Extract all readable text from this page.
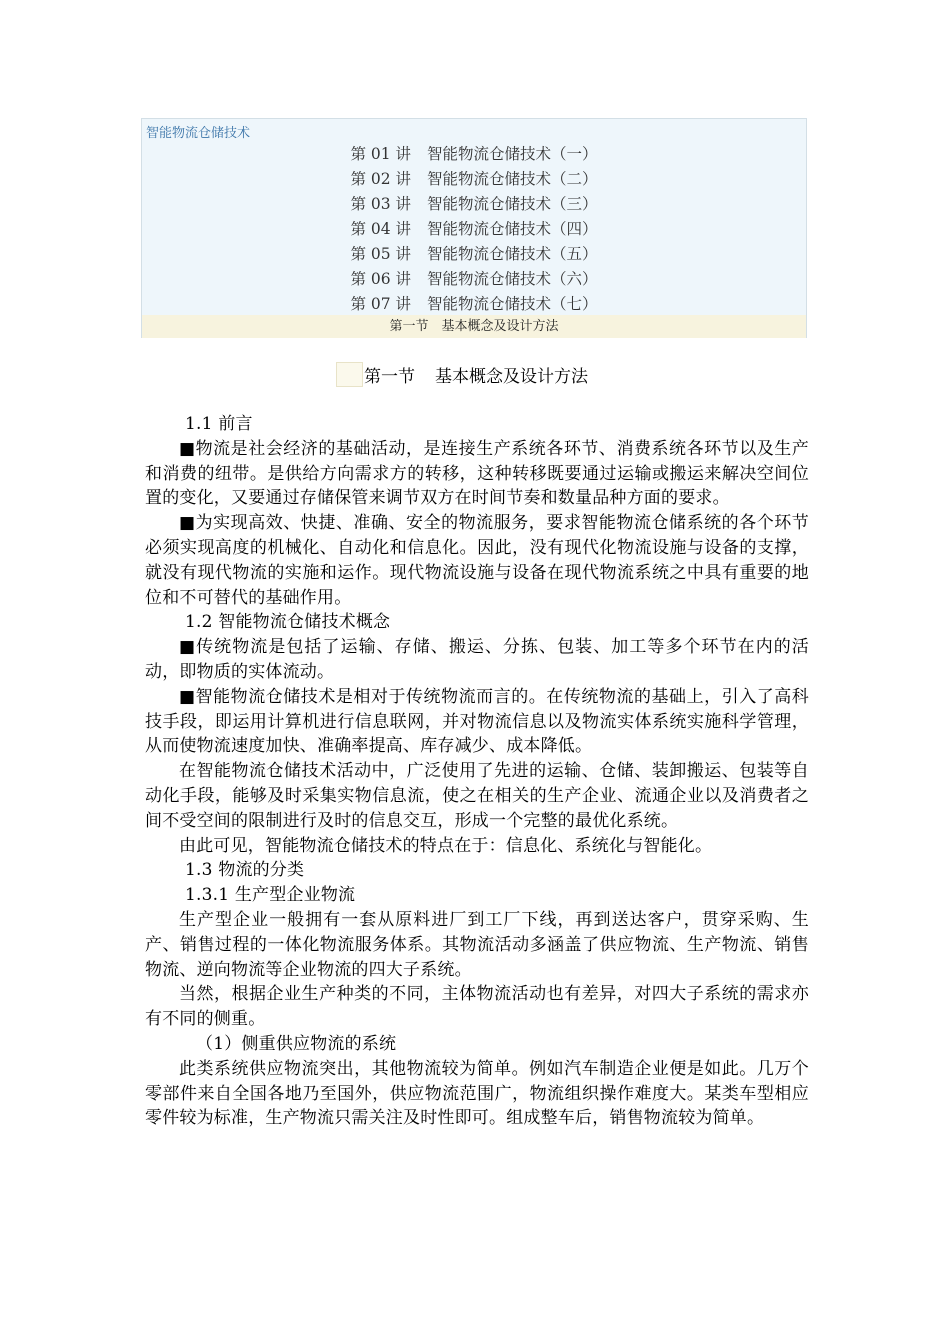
智能物流仓储技术
第 01 讲 智能物流仓储技术（一）
第 02 讲 智能物流仓储技术（二）
第 03 讲 智能物流仓储技术（三）
第 04 讲 智能物流仓储技术（四）
第 05 讲 智能物流仓储技术（五）
第 06 讲 智能物流仓储技术（六）
第 07 讲 智能物流仓储技术（七）
第一节　基本概念及设计方法
第一节 基本概念及设计方法

1.1 前言

■物流是社会经济的基础活动，是连接生产系统各环节、消费系统各环节以及生产和消费的纽带。是供给方向需求方的转移，这种转移既要通过运输或搬运来解决空间位置的变化，又要通过存储保管来调节双方在时间节奏和数量品种方面的要求。

■为实现高效、快捷、准确、安全的物流服务，要求智能物流仓储系统的各个环节必须实现高度的机械化、自动化和信息化。因此，没有现代化物流设施与设备的支撑，就没有现代物流的实施和运作。现代物流设施与设备在现代物流系统之中具有重要的地位和不可替代的基础作用。

1.2 智能物流仓储技术概念

■传统物流是包括了运输、存储、搬运、分拣、包装、加工等多个环节在内的活动，即物质的实体流动。

■智能物流仓储技术是相对于传统物流而言的。在传统物流的基础上，引入了高科技手段，即运用计算机进行信息联网，并对物流信息以及物流实体系统实施科学管理，从而使物流速度加快、准确率提高、库存减少、成本降低。

在智能物流仓储技术活动中，广泛使用了先进的运输、仓储、装卸搬运、包装等自动化手段，能够及时采集实物信息流，使之在相关的生产企业、流通企业以及消费者之间不受空间的限制进行及时的信息交互，形成一个完整的最优化系统。

由此可见，智能物流仓储技术的特点在于：信息化、系统化与智能化。

1.3 物流的分类

1.3.1 生产型企业物流

生产型企业一般拥有一套从原料进厂到工厂下线，再到送达客户，贯穿采购、生产、销售过程的一体化物流服务体系。其物流活动多涵盖了供应物流、生产物流、销售物流、逆向物流等企业物流的四大子系统。

当然，根据企业生产种类的不同，主体物流活动也有差异，对四大子系统的需求亦有不同的侧重。

（1）侧重供应物流的系统

此类系统供应物流突出，其他物流较为简单。例如汽车制造企业便是如此。几万个零部件来自全国各地乃至国外，供应物流范围广，物流组织操作难度大。某类车型相应零件较为标准，生产物流只需关注及时性即可。组成整车后，销售物流较为简单。
